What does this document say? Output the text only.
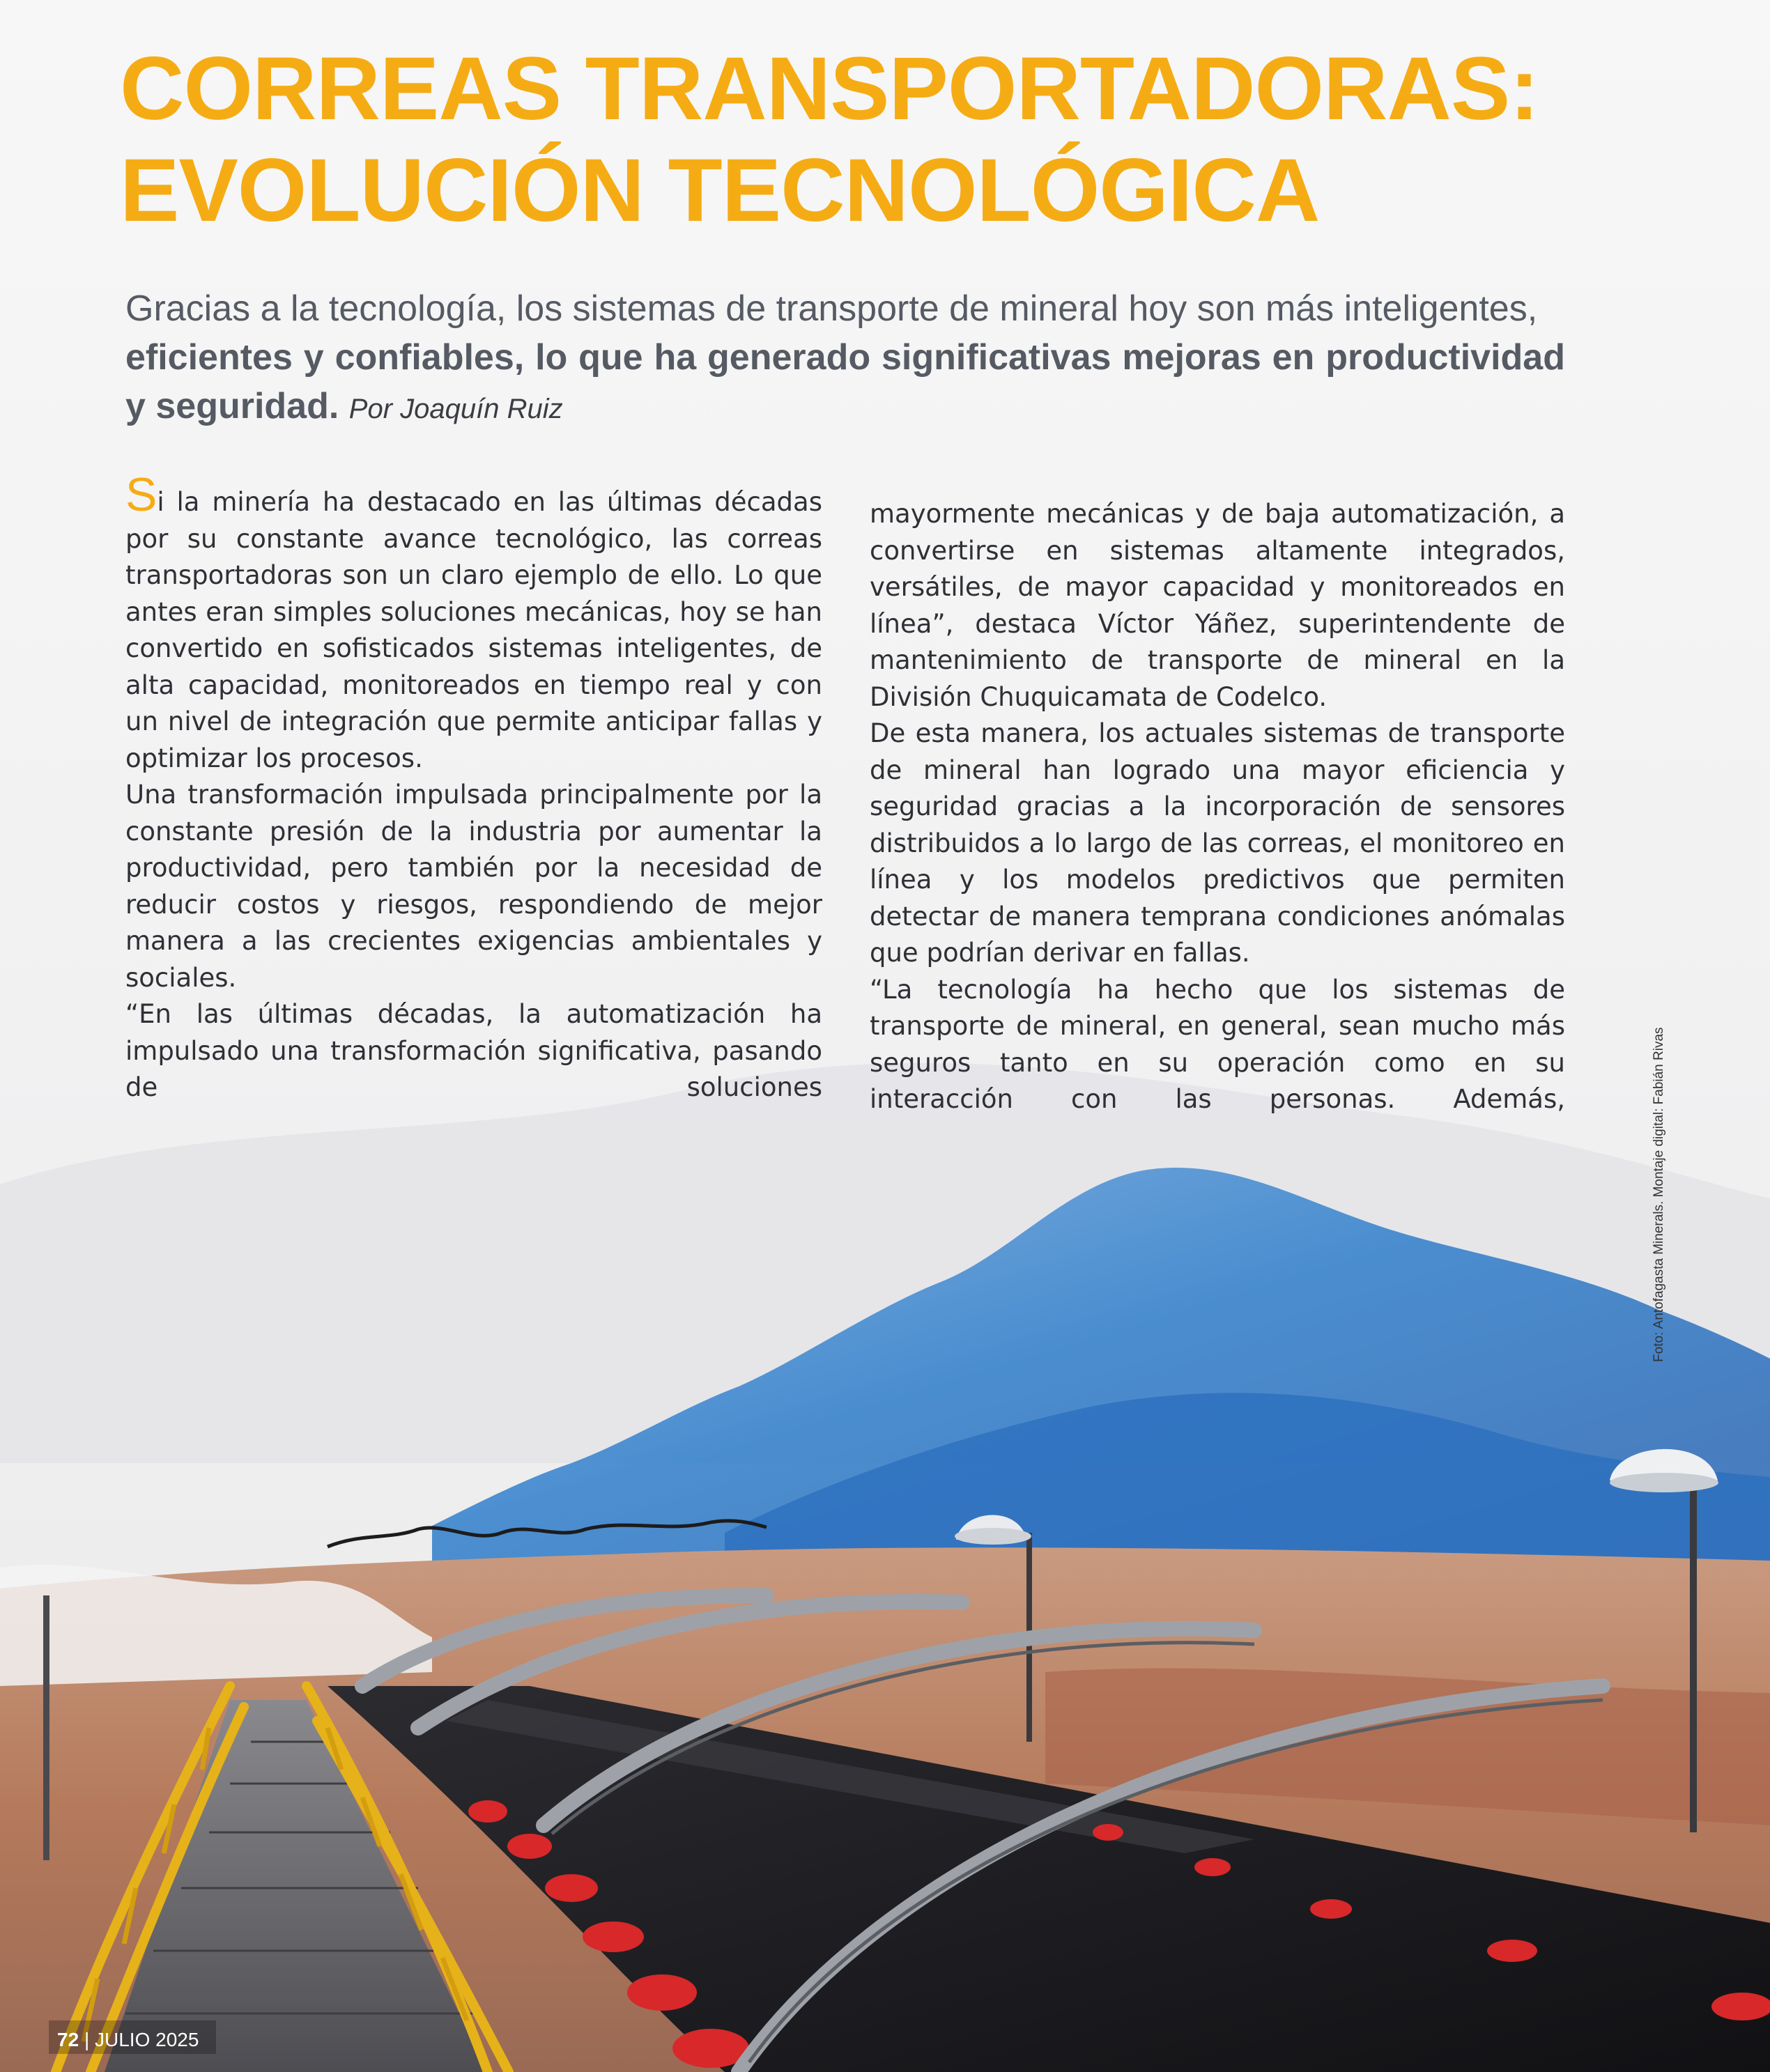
CORREAS TRANSPORTADORAS:
EVOLUCIÓN TECNOLÓGICA
Gracias a la tecnología, los sistemas de transporte de mineral hoy son más inteligentes,
eficientes y confiables, lo que ha generado significativas mejoras en productividad y seguridad. Por Joaquín Ruiz

Si la minería ha destacado en las últimas décadas por su constante avance tecnológico, las correas transportadoras son un claro ejemplo de ello. Lo que antes eran simples soluciones mecánicas, hoy se han convertido en sofisticados sistemas inteligentes, de alta capacidad, monitoreados en tiempo real y con un nivel de integración que permite anticipar fallas y optimizar los procesos.

Una transformación impulsada principalmente por la constante presión de la industria por aumentar la productividad, pero también por la necesidad de reducir costos y riesgos, respondiendo de mejor manera a las crecientes exigencias ambientales y sociales.

“En las últimas décadas, la automatización ha impulsado una transformación significativa, pasando de soluciones

mayormente mecánicas y de baja automatización, a convertirse en sistemas altamente integrados, versátiles, de mayor capacidad y monitoreados en línea”, destaca Víctor Yáñez, superintendente de mantenimiento de transporte de mineral en la División Chuquicamata de Codelco.

De esta manera, los actuales sistemas de transporte de mineral han logrado una mayor eficiencia y seguridad gracias a la incorporación de sensores distribuidos a lo largo de las correas, el monitoreo en línea y los modelos predictivos que permiten detectar de manera temprana condiciones anómalas que podrían derivar en fallas.

“La tecnología ha hecho que los sistemas de transporte de mineral, en general, sean mucho más seguros tanto en su operación como en su interacción con las personas. Además,	Foto: Antofagasta Minerals. Montaje digital: Fabián Rivas
72 | JULIO 2025
